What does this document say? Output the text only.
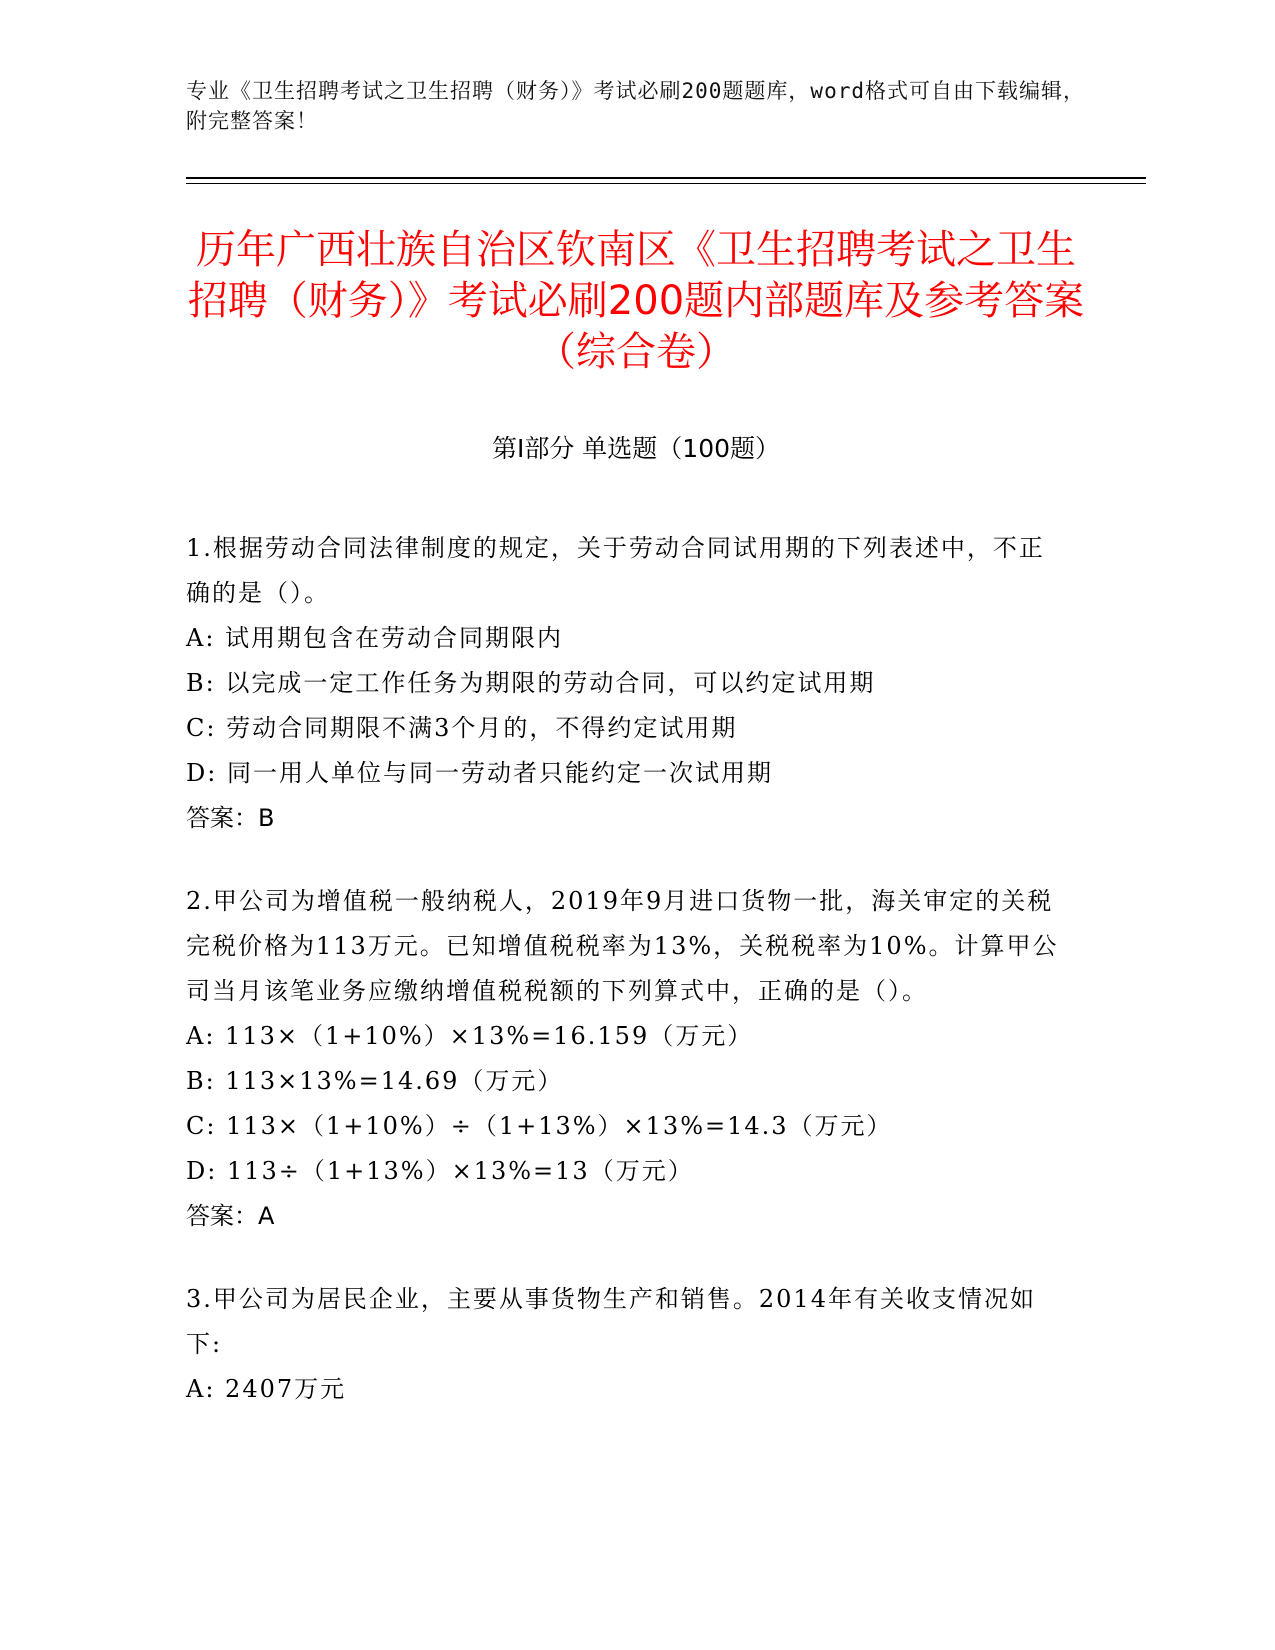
专业《卫生招聘考试之卫生招聘（财务）》考试必刷200题题库，word格式可自由下载编辑，附完整答案！
历年广西壮族自治区钦南区《卫生招聘考试之卫生招聘（财务）》考试必刷200题内部题库及参考答案（综合卷）
第I部分 单选题（100题）

1.根据劳动合同法律制度的规定，关于劳动合同试用期的下列表述中，不正确的是（）。

A: 试用期包含在劳动合同期限内

B: 以完成一定工作任务为期限的劳动合同，可以约定试用期

C: 劳动合同期限不满3个月的，不得约定试用期

D: 同一用人单位与同一劳动者只能约定一次试用期

答案：B

2.甲公司为增值税一般纳税人，2019年9月进口货物一批，海关审定的关税完税价格为113万元。已知增值税税率为13%，关税税率为10%。计算甲公司当月该笔业务应缴纳增值税税额的下列算式中，正确的是（）。

A: 113×（1+10%）×13%=16.159（万元）

B: 113×13%=14.69（万元）

C: 113×（1+10%）÷（1+13%）×13%=14.3（万元）

D: 113÷（1+13%）×13%=13（万元）

答案：A

3.甲公司为居民企业，主要从事货物生产和销售。2014年有关收支情况如下:

A: 2407万元
